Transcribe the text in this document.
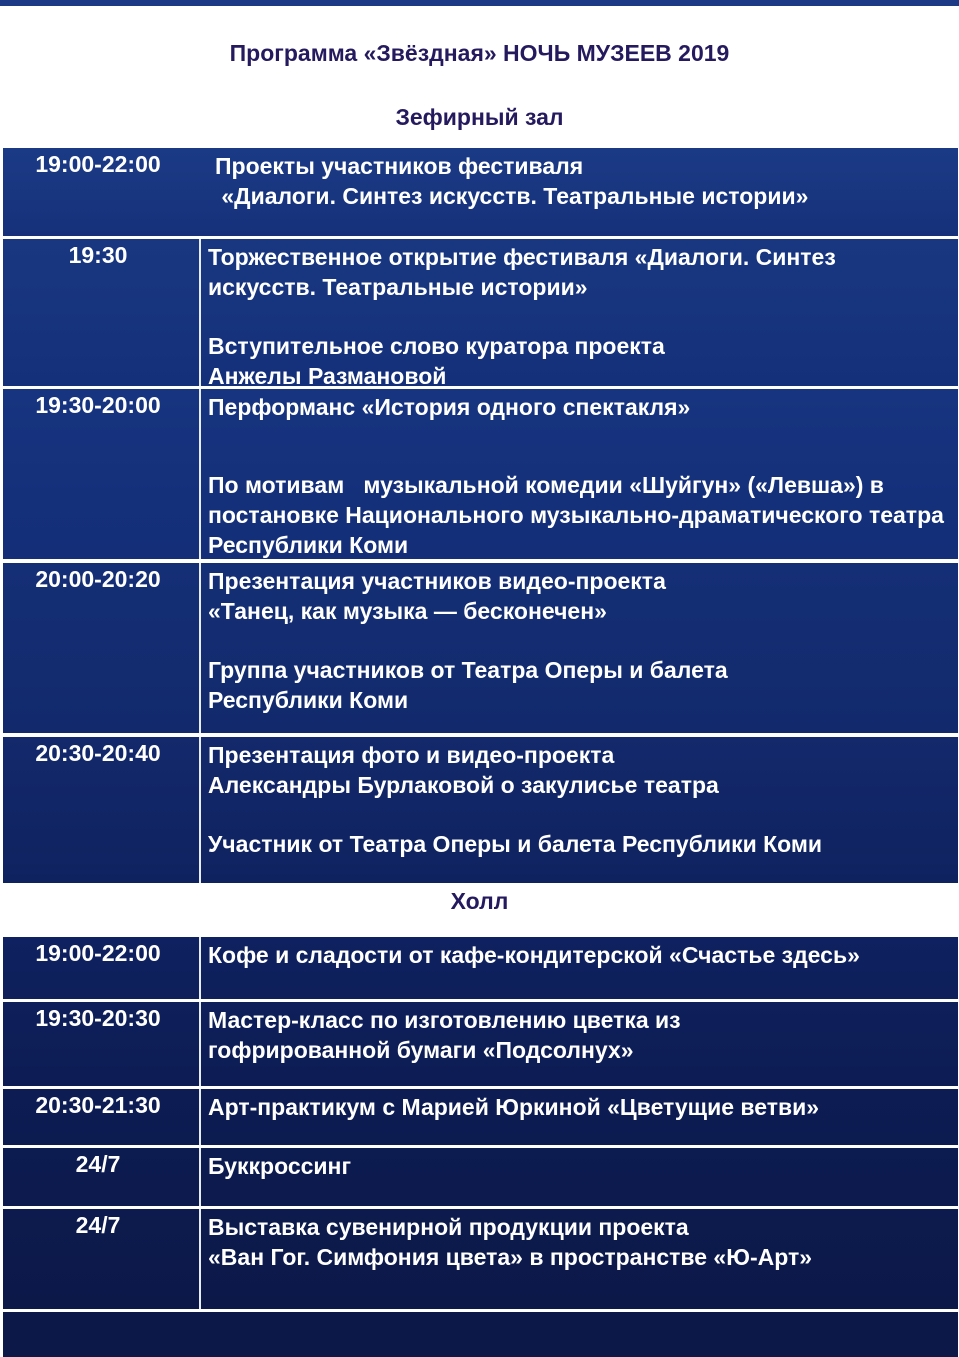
Программа «Звёздная» НОЧЬ МУЗЕЕВ 2019
Зефирный зал
19:00-22:00	Проекты участников фестиваля
«Диалоги. Синтез искусств. Театральные истории»
19:30	Торжественное открытие фестиваля «Диалоги. Синтез искусств. Театральные истории»
Вступительное слово куратора проекта
Анжелы Размановой
19:30-20:00	Перформанс «История одного спектакля»
По мотивам   музыкальной комедии «Шуйгун» («Левша») в постановке Национального музыкально-драматического театра Республики Коми
20:00-20:20	Презентация участников видео-проекта
«Танец, как музыка — бесконечен»
Группа участников от Театра Оперы и балета
Республики Коми
20:30-20:40	Презентация фото и видео-проекта
Александры Бурлаковой о закулисье театра
Участник от Театра Оперы и балета Республики Коми
Холл
19:00-22:00	Кофе и сладости от кафе-кондитерской «Счастье здесь»
19:30-20:30	Мастер-класс по изготовлению цветка из
гофрированной бумаги «Подсолнух»
20:30-21:30	Арт-практикум с Марией Юркиной «Цветущие ветви»
24/7	Буккроссинг
24/7	Выставка сувенирной продукции проекта
«Ван Гог. Симфония цвета» в пространстве «Ю-Арт»
